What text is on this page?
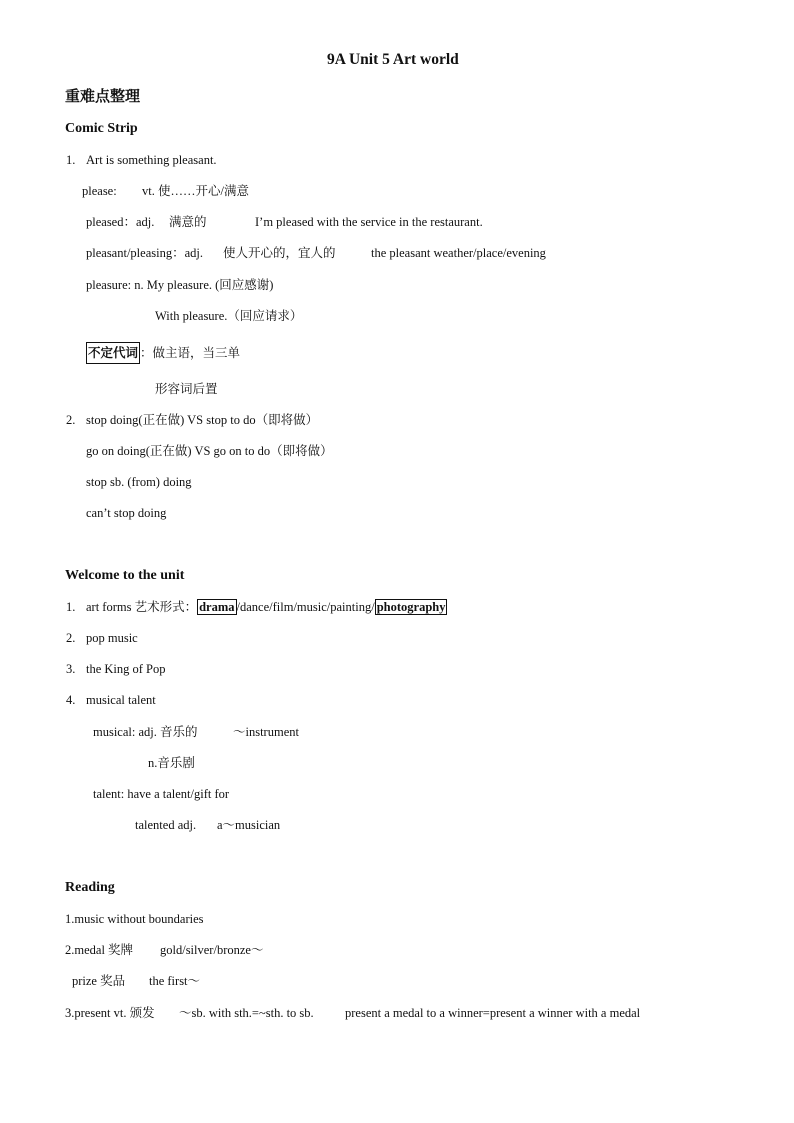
9A Unit 5 Art world
重难点整理
Comic Strip
1. Art is something pleasant.
please: vt. 使……开心/满意
pleased：adj. 满意的	I’m pleased with the service in the restaurant.
pleasant/pleasing：adj. 使人开心的，宜人的	the pleasant weather/place/evening
pleasure: n. My pleasure. (回应感谢)
With pleasure.（回应请求）
不定代词 ：做主语，当三单
形容词后置
2. stop doing(正在做) VS stop to do（即将做）
go on doing(正在做) VS go on to do（即将做）
stop sb. (from) doing
can’t stop doing
Welcome to the unit
1. art forms 艺术形式： drama /dance/film/music/painting/ photography
2. pop music
3. the King of Pop
4. musical talent
musical: adj. 音乐的	～instrument
n.音乐剧
talent: have a talent/gift for
talented adj. a～musician
Reading
1.music without boundaries
2.medal 奖牌 gold/silver/bronze～
prize 奖品 the first～
3.present vt. 颁发 ～sb. with sth.=~sth. to sb.	present a medal to a winner=present a winner with a medal
